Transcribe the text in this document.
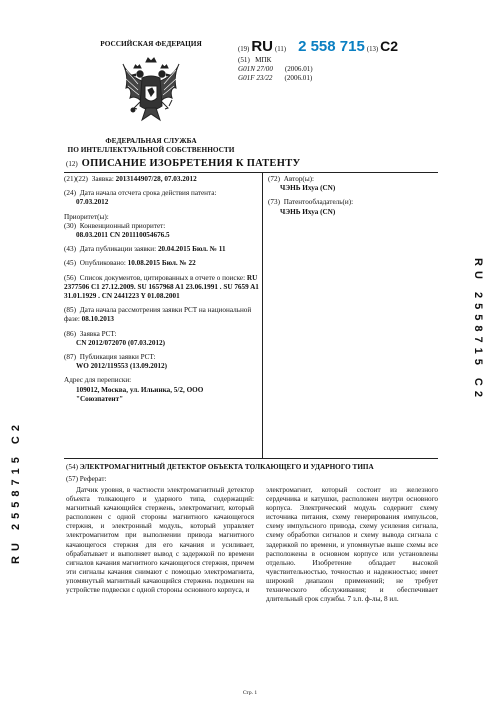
РОССИЙСКАЯ ФЕДЕРАЦИЯ
ФЕДЕРАЛЬНАЯ СЛУЖБА
ПО ИНТЕЛЛЕКТУАЛЬНОЙ СОБСТВЕННОСТИ
(19) RU (11) 2 558 715 (13) C2
(51) МПК
G01N 27/00 (2006.01)
G01F 23/22 (2006.01)
(12) ОПИСАНИЕ ИЗОБРЕТЕНИЯ К ПАТЕНТУ
(21)(22) Заявка: 2013144907/28, 07.03.2012
(24) Дата начала отсчета срока действия патента:
07.03.2012
Приоритет(ы):
(30) Конвенционный приоритет:
08.03.2011 CN 201110054676.5
(43) Дата публикации заявки: 20.04.2015 Бюл. № 11
(45) Опубликовано: 10.08.2015 Бюл. № 22
(56) Список документов, цитированных в отчете о поиске: RU 2377506 C1 27.12.2009. SU 1657968 A1 23.06.1991 . SU 7659 A1 31.01.1929 . CN 2441223 Y 01.08.2001
(85) Дата начала рассмотрения заявки PCT на национальной фазе: 08.10.2013
(86) Заявка PCT:
CN 2012/072070 (07.03.2012)
(87) Публикация заявки PCT:
WO 2012/119553 (13.09.2012)
Адрес для переписки:
109012, Москва, ул. Ильинка, 5/2, ООО
"Союзпатент"
(72) Автор(ы):
ЧЭНЬ Ихуа (CN)
(73) Патентообладатель(и):
ЧЭНЬ Ихуа (CN)
RU 2558715 C2
RU 2558715 C2
(54) ЭЛЕКТРОМАГНИТНЫЙ ДЕТЕКТОР ОБЪЕКТА ТОЛКАЮЩЕГО И УДАРНОГО ТИПА
(57) Реферат:
Датчик уровня, в частности электромагнитный детектор объекта толкающего и ударного типа, содержащий: магнитный качающийся стержень, электромагнит, который расположен с одной стороны магнитного качающегося стержня, и электронный модуль, который управляет электромагнитом при выполнении привода магнитного качающегося стержня для его качания и усиливает, обрабатывает и выполняет вывод с задержкой по времени сигналов качания магнитного качающегося стержня, причем эти сигналы качания снимают с помощью электромагнита, упомянутый магнитный качающийся стержень подвешен на устройстве подвески с одной стороны основного корпуса, и
электромагнит, который состоит из железного сердечника и катушки, расположен внутри основного корпуса. Электрический модуль содержит схему источника питания, схему генерирования импульсов, схему импульсного привода, схему усиления сигнала, схему обработки сигналов и схему вывода сигнала с задержкой по времени, и упомянутые выше схемы все расположены в основном корпусе или установлены отдельно. Изобретение обладает высокой чувствительностью, точностью и надежностью; имеет широкий диапазон применений; не требует технического обслуживания; и обеспечивает длительный срок службы. 7 з.п. ф-лы, 8 ил.
Стр. 1
